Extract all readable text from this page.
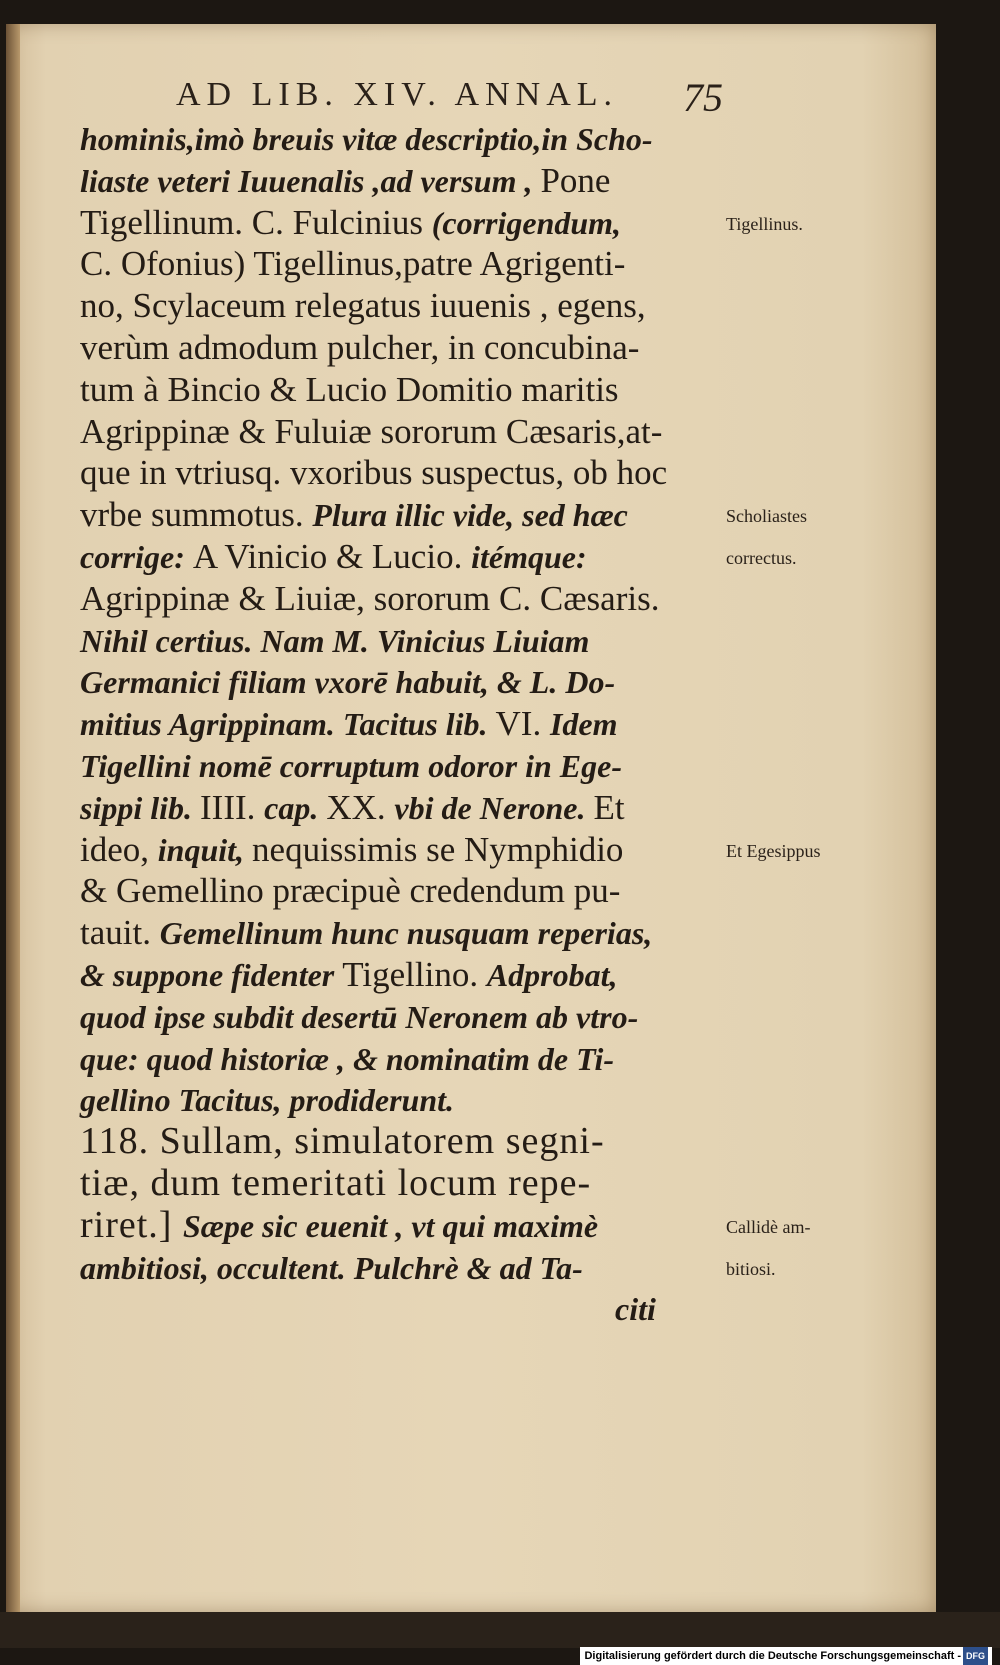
AD LIB. XIV. ANNAL. 75
hominis,imò breuis vitæ descriptio,in Scho-
liaste veteri Iuuenalis ,ad versum , Pone
Tigellinum. C. Fulcinius (corrigendum,
C. Ofonius) Tigellinus,patre Agrigenti-
no, Scylaceum relegatus iuuenis , egens,
verùm admodum pulcher, in concubina-
tum à Bincio & Lucio Domitio maritis
Agrippinæ & Fuluiæ sororum Cæsaris,at-
que in vtriusq. vxoribus suspectus, ob hoc
vrbe summotus. Plura illic vide, sed hæc
corrige: A Vinicio & Lucio. itémque:
Agrippinæ & Liuiæ, sororum C. Cæsaris.
Nihil certius. Nam M. Vinicius Liuiam
Germanici filiam vxorē habuit, & L. Do-
mitius Agrippinam. Tacitus lib. VI. Idem
Tigellini nomē corruptum odoror in Ege-
sippi lib. IIII. cap. XX. vbi de Nerone. Et
ideo, inquit, nequissimis se Nymphidio
& Gemellino præcipuè credendum pu-
tauit. Gemellinum hunc nusquam reperias,
& suppone fidenter Tigellino. Adprobat,
quod ipse subdit desertū Neronem ab vtro-
que: quod historiæ , & nominatim de Ti-
gellino Tacitus, prodiderunt.
118. Sullam, simulatorem segni-
tiæ, dum temeritati locum repe-
riret.] Sæpe sic euenit , vt qui maximè
ambitiosi, occultent. Pulchrè & ad Ta-
citi
Tigellinus.
Scholiastes
correctus.
Et Egesippus
Callidè am-
bitiosi.
Digitalisierung gefördert durch die Deutsche Forschungsgemeinschaft - DFG
